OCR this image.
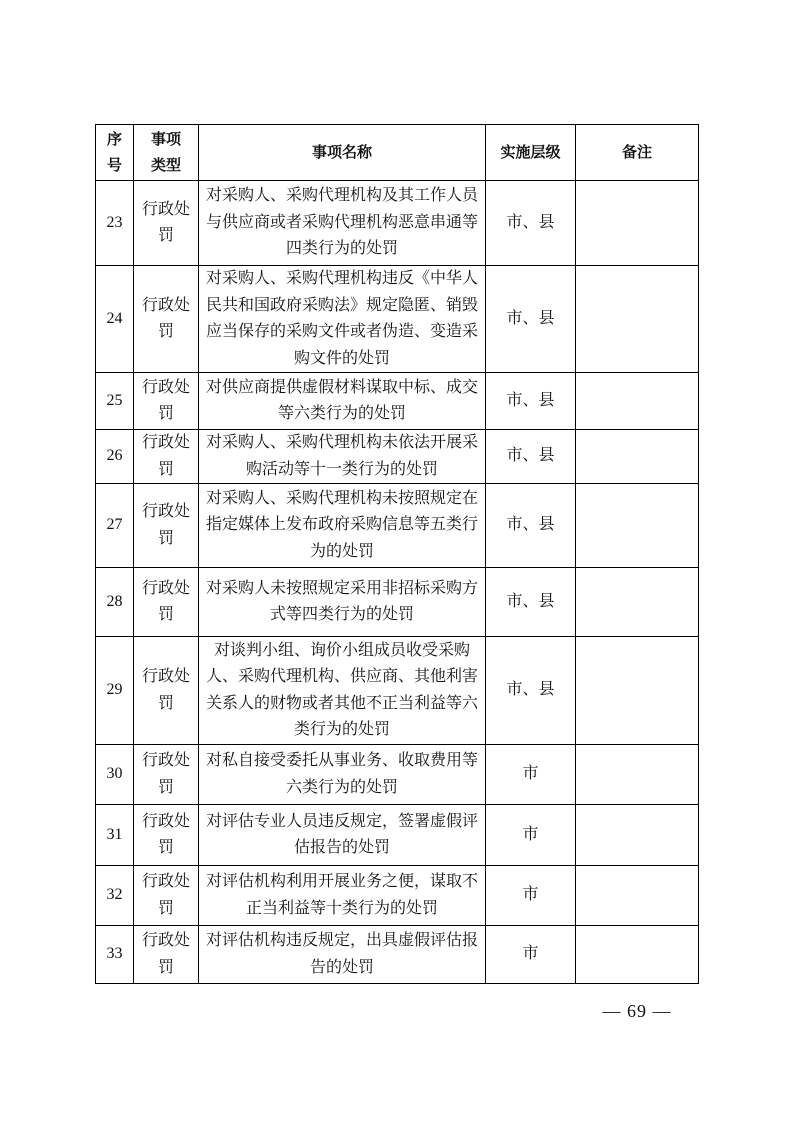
序号	事项类型	事项名称	实施层级	备注
23	行政处罚	对采购人、采购代理机构及其工作人员与供应商或者采购代理机构恶意串通等四类行为的处罚	市、县	
24	行政处罚	对采购人、采购代理机构违反《中华人民共和国政府采购法》规定隐匿、销毁应当保存的采购文件或者伪造、变造采购文件的处罚	市、县	
25	行政处罚	对供应商提供虚假材料谋取中标、成交等六类行为的处罚	市、县	
26	行政处罚	对采购人、采购代理机构未依法开展采购活动等十一类行为的处罚	市、县	
27	行政处罚	对采购人、采购代理机构未按照规定在指定媒体上发布政府采购信息等五类行为的处罚	市、县	
28	行政处罚	对采购人未按照规定采用非招标采购方式等四类行为的处罚	市、县	
29	行政处罚	对谈判小组、询价小组成员收受采购人、采购代理机构、供应商、其他利害关系人的财物或者其他不正当利益等六类行为的处罚	市、县	
30	行政处罚	对私自接受委托从事业务、收取费用等六类行为的处罚	市	
31	行政处罚	对评估专业人员违反规定，签署虚假评估报告的处罚	市	
32	行政处罚	对评估机构利用开展业务之便，谋取不正当利益等十类行为的处罚	市	
33	行政处罚	对评估机构违反规定，出具虚假评估报告的处罚	市	
— 69 —
